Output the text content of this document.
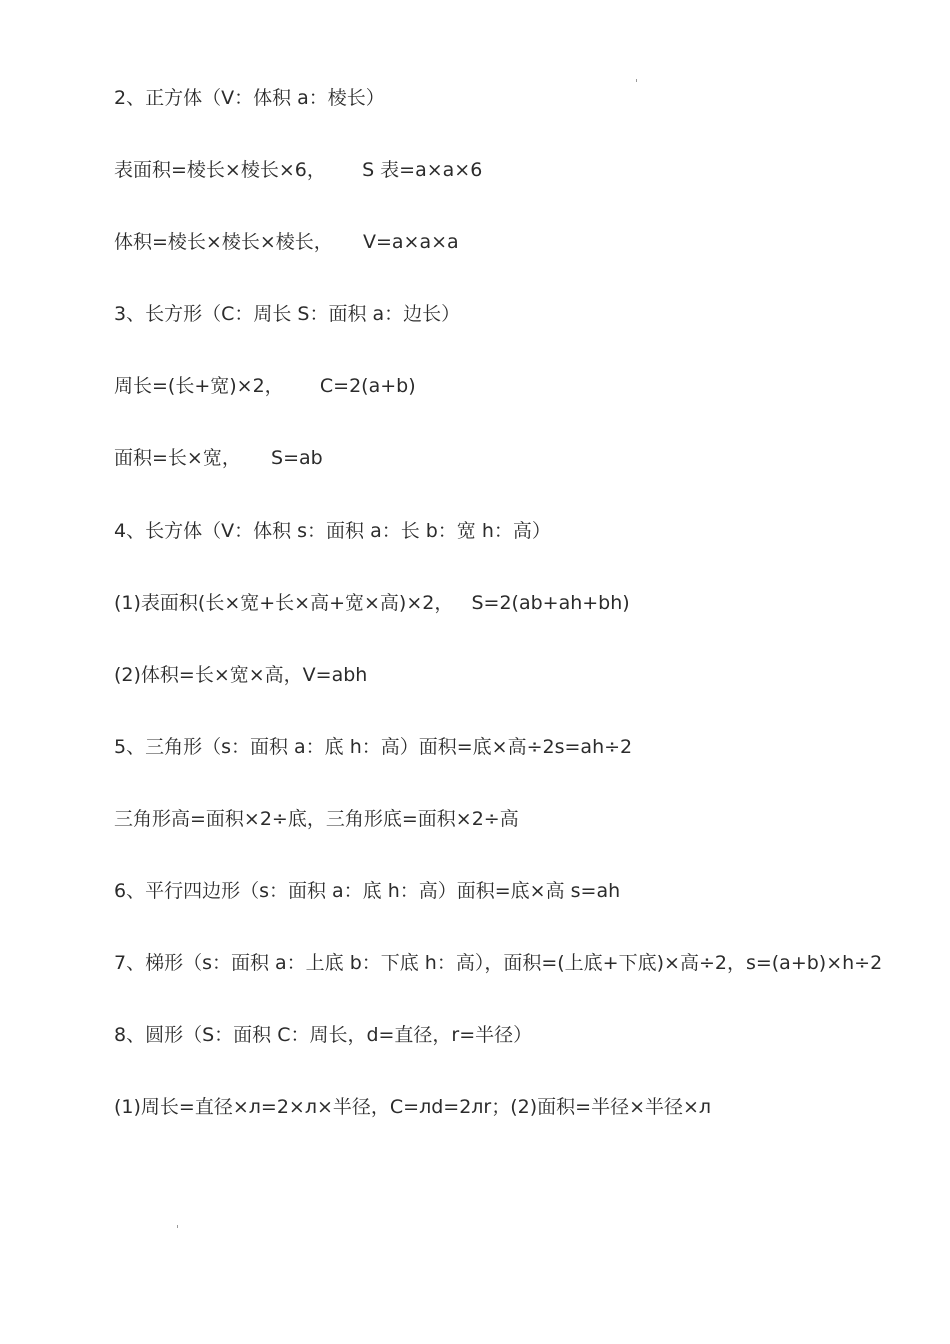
2、正方体（V：体积 a：棱长）
表面积=棱长×棱长×6，      S 表=a×a×6
体积=棱长×棱长×棱长，     V=a×a×a
3、长方形（C：周长 S：面积 a：边长）
周长=(长+宽)×2，      C=2(a+b)
面积=长×宽，     S=ab
4、长方体（V：体积 s：面积 a：长 b：宽 h：高）
(1)表面积(长×宽+长×高+宽×高)×2，   S=2(ab+ah+bh)
(2)体积=长×宽×高，V=abh
5、三角形（s：面积 a：底 h：高）面积=底×高÷2s=ah÷2
三角形高=面积×2÷底，三角形底=面积×2÷高
6、平行四边形（s：面积 a：底 h：高）面积=底×高 s=ah
7、梯形（s：面积 a：上底 b：下底 h：高），面积=(上底+下底)×高÷2，s=(a+b)×h÷2
8、圆形（S：面积 C：周长，d=直径，r=半径）
(1)周长=直径×л=2×л×半径，C=лd=2лr；(2)面积=半径×半径×л
